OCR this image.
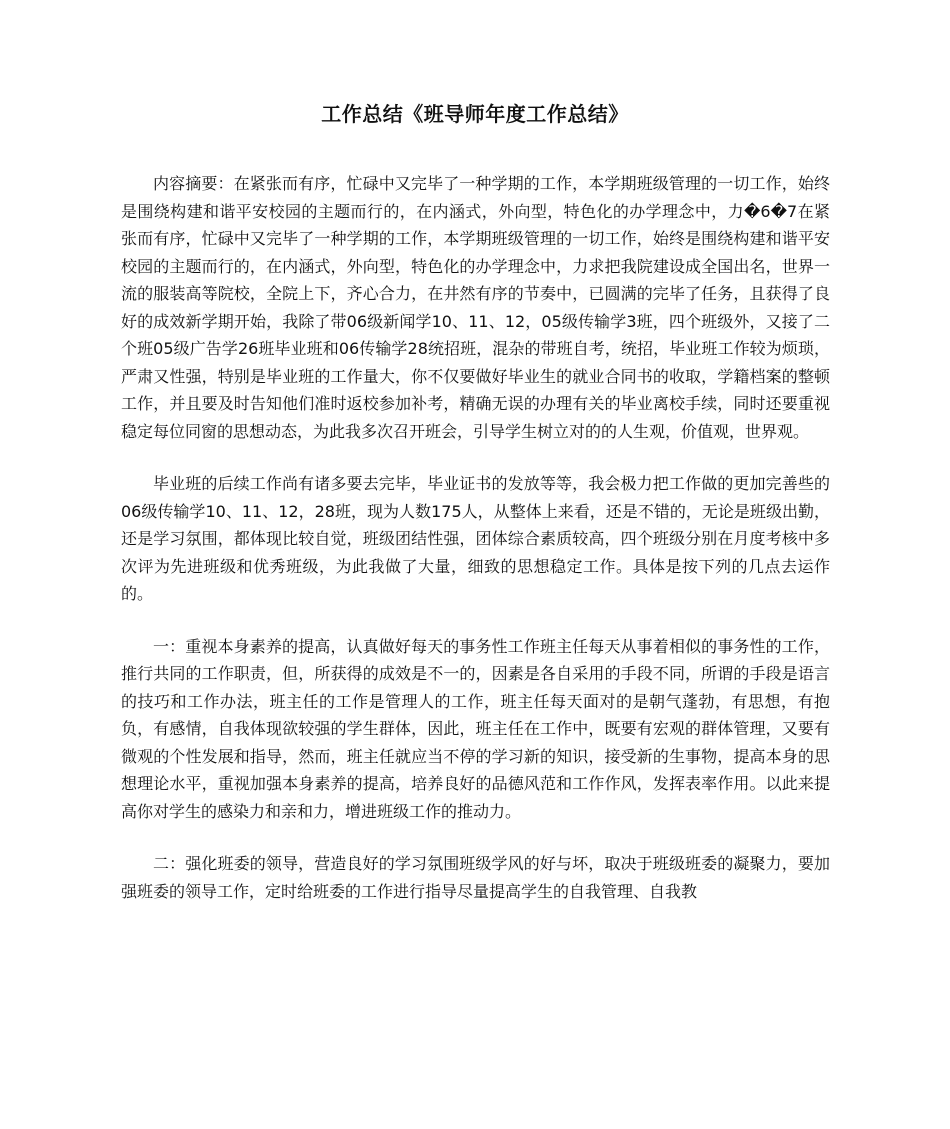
工作总结《班导师年度工作总结》

内容摘要：在紧张而有序，忙碌中又完毕了一种学期的工作，本学期班级管理的一切工作，始终是围绕构建和谐平安校园的主题而行的，在内涵式，外向型，特色化的办学理念中，力�6�7在紧张而有序，忙碌中又完毕了一种学期的工作，本学期班级管理的一切工作，始终是围绕构建和谐平安校园的主题而行的，在内涵式，外向型，特色化的办学理念中，力求把我院建设成全国出名，世界一流的服装高等院校，全院上下，齐心合力，在井然有序的节奏中，已圆满的完毕了任务，且获得了良好的成效新学期开始，我除了带06级新闻学10、11、12，05级传输学3班，四个班级外，又接了二个班05级广告学26班毕业班和06传输学28统招班，混杂的带班自考，统招，毕业班工作较为烦琐，严肃又性强，特别是毕业班的工作量大，你不仅要做好毕业生的就业合同书的收取，学籍档案的整顿工作，并且要及时告知他们准时返校参加补考，精确无误的办理有关的毕业离校手续，同时还要重视稳定每位同窗的思想动态，为此我多次召开班会，引导学生树立对的的人生观，价值观，世界观。

毕业班的后续工作尚有诸多要去完毕，毕业证书的发放等等，我会极力把工作做的更加完善些的06级传输学10、11、12，28班，现为人数175人，从整体上来看，还是不错的，无论是班级出勤，还是学习氛围，都体现比较自觉，班级团结性强，团体综合素质较高，四个班级分别在月度考核中多次评为先进班级和优秀班级，为此我做了大量，细致的思想稳定工作。具体是按下列的几点去运作的。

一：重视本身素养的提高，认真做好每天的事务性工作班主任每天从事着相似的事务性的工作，推行共同的工作职责，但，所获得的成效是不一的，因素是各自采用的手段不同，所谓的手段是语言的技巧和工作办法，班主任的工作是管理人的工作，班主任每天面对的是朝气蓬勃，有思想，有抱负，有感情，自我体现欲较强的学生群体，因此，班主任在工作中，既要有宏观的群体管理，又要有微观的个性发展和指导，然而，班主任就应当不停的学习新的知识，接受新的生事物，提高本身的思想理论水平，重视加强本身素养的提高，培养良好的品德风范和工作作风，发挥表率作用。以此来提高你对学生的感染力和亲和力，增进班级工作的推动力。

二：强化班委的领导，营造良好的学习氛围班级学风的好与坏，取决于班级班委的凝聚力，要加强班委的领导工作，定时给班委的工作进行指导尽量提高学生的自我管理、自我教
